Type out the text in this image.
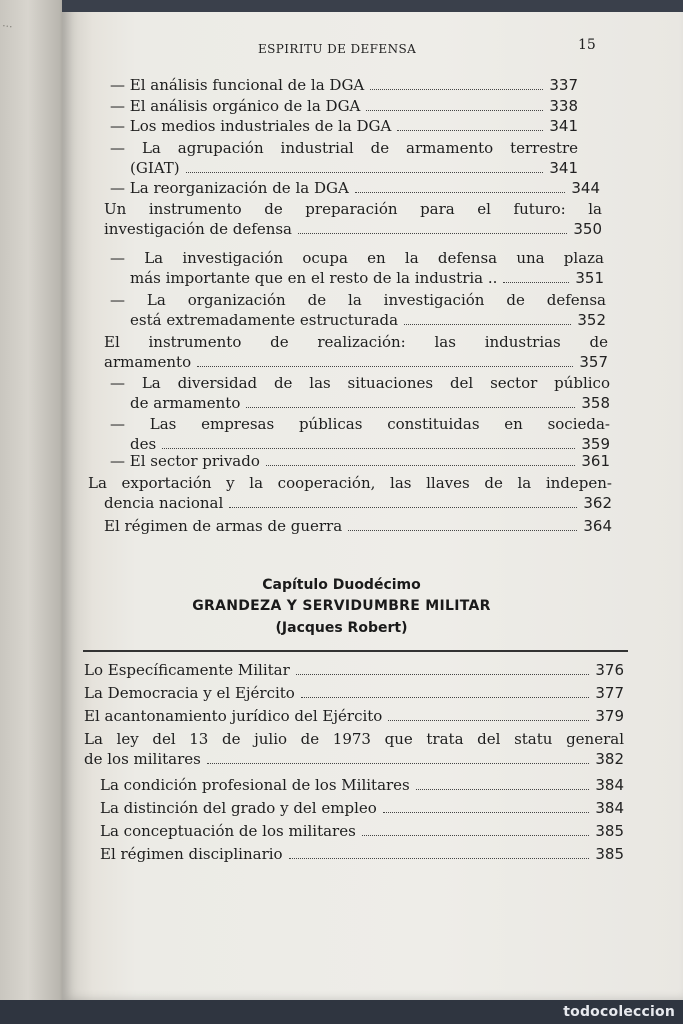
···
ESPIRITU DE DEFENSA	15
— El análisis funcional de la DGA	337
— El análisis orgánico de la DGA	338
— Los medios industriales de la DGA	341
— La agrupación industrial de armamento terrestre
(GIAT)	341
— La reorganización de la DGA	344
Un instrumento de preparación para el futuro: la
investigación de defensa	350
— La investigación ocupa en la defensa una plaza
más importante que en el resto de la industria ..	351
— La organización de la investigación de defensa
está extremadamente estructurada	352
El instrumento de realización: las industrias de
armamento	357
— La diversidad de las situaciones del sector público
de armamento	358
— Las empresas públicas constituidas en socieda-
des	359
— El sector privado	361
La exportación y la cooperación, las llaves de la indepen-
dencia nacional	362
El régimen de armas de guerra	364
Capítulo Duodécimo
GRANDEZA Y SERVIDUMBRE MILITAR
(Jacques Robert)
Lo Específicamente Militar	376
La Democracia y el Ejército	377
El acantonamiento jurídico del Ejército	379
La ley del 13 de julio de 1973 que trata del statu general
de los militares	382
La condición profesional de los Militares	384
La distinción del grado y del empleo	384
La conceptuación de los militares	385
El régimen disciplinario	385
todocoleccion
